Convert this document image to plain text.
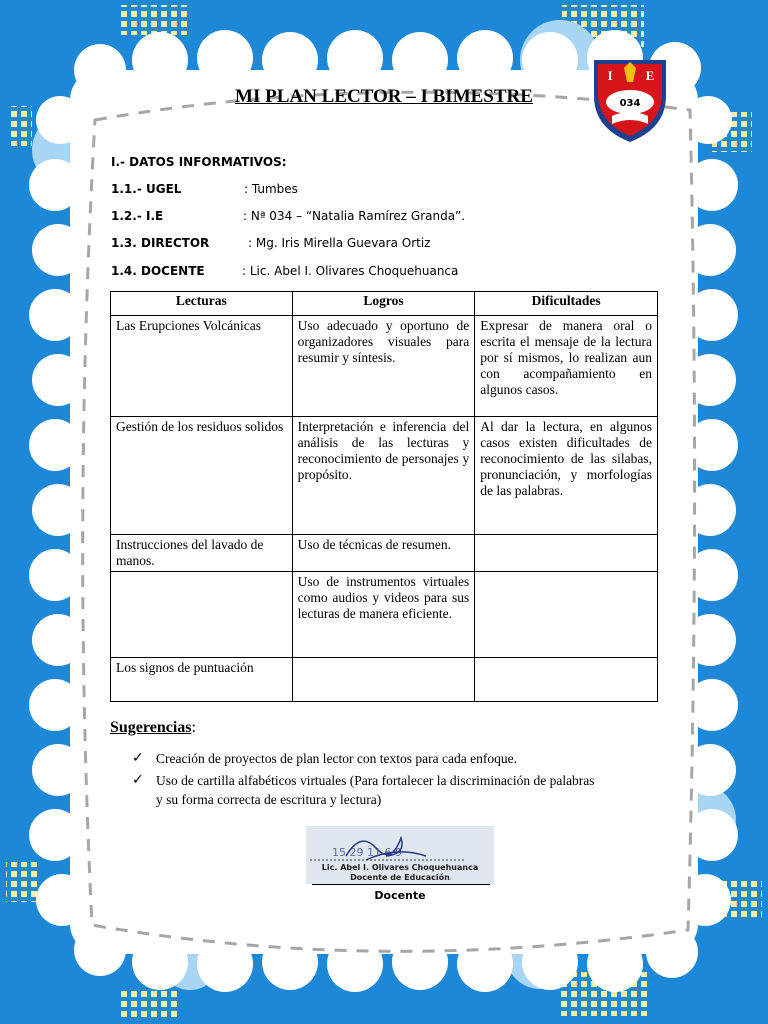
MI PLAN LECTOR – I BIMESTRE
I	E
034
I.- DATOS INFORMATIVOS:
1.1.- UGEL	: Tumbes
1.2.- I.E	: Nª 034 – “Natalia Ramírez Granda”.
1.3. DIRECTOR	: Mg. Iris Mirella Guevara Ortiz
1.4. DOCENTE	: Lic. Abel I. Olivares Choquehuanca
Lecturas	Logros	Dificultades
Las Erupciones Volcánicas	Uso adecuado y oportuno de organizadores visuales para resumir y síntesis.	Expresar de manera oral o escrita el mensaje de la lectura por sí mismos, lo realizan aun con acompañamiento en algunos casos.
Gestión de los residuos solidos	Interpretación e inferencia del análisis de las lecturas y reconocimiento de personajes y propósito.	Al dar la lectura, en algunos casos existen dificultades de reconocimiento de las silabas, pronunciación, y morfologías de las palabras.
Instrucciones del lavado de manos.	Uso de técnicas de resumen.	
	Uso de instrumentos virtuales como audios y videos para sus lecturas de manera eficiente.	
Los signos de puntuación		
Sugerencias:
✓ Creación de proyectos de plan lector con textos para cada enfoque.
✓ Uso de cartilla alfabéticos virtuales (Para fortalecer la discriminación de palabras y su forma correcta de escritura y lectura)
15 29 11 6 9
Lic. Abel I. Olivares Choquehuanca
Docente de Educación
Docente
